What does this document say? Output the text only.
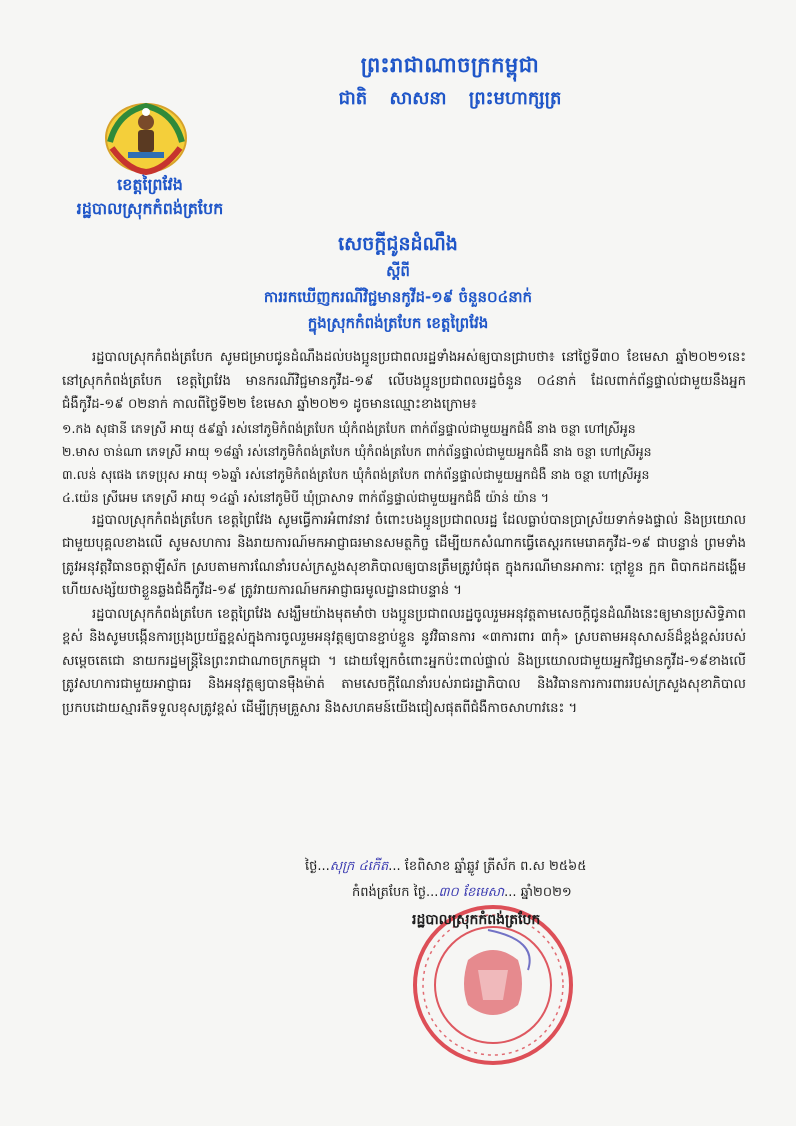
ព្រះរាជាណាចក្រកម្ពុជា
ជាតិ សាសនា ព្រះមហាក្សត្រ
ខេត្តព្រៃវែង
រដ្ឋបាលស្រុកកំពង់ត្របែក
សេចក្តីជូនដំណឹង
ស្តីពី
ការរកឃើញករណីវិជ្ជមានកូវីដ-១៩ ចំនួន០៤នាក់
ក្នុងស្រុកកំពង់ត្របែក ខេត្តព្រៃវែង

រដ្ឋបាលស្រុកកំពង់ត្របែក សូមជម្រាបជូនដំណឹងដល់បងប្អូនប្រជាពលរដ្ឋទាំងអស់ឲ្យបានជ្រាបថា៖ នៅថ្ងៃទី៣០ ខែមេសា ឆ្នាំ២០២១នេះ នៅស្រុកកំពង់ត្របែក ខេត្តព្រៃវែង មានករណីវិជ្ជមានកូវីដ-១៩ លើបងប្អូនប្រជាពលរដ្ឋចំនួន ០៤នាក់ ដែលពាក់ព័ន្ធផ្ទាល់ជាមួយនឹងអ្នកជំងឺកូវីដ-១៩ ០២នាក់ កាលពីថ្ងៃទី២២ ខែមេសា ឆ្នាំ២០២១ ដូចមានឈ្មោះខាងក្រោម៖

១.កង សុផានី ភេទស្រី អាយុ ៥៩ឆ្នាំ រស់នៅភូមិកំពង់ត្របែក ឃុំកំពង់ត្របែក ពាក់ព័ន្ធផ្ទាល់ជាមួយអ្នកជំងឺ នាង ចន្ថា ហៅស្រីអូន
២.មាស ចាន់ណា ភេទស្រី អាយុ ១៨ឆ្នាំ រស់នៅភូមិកំពង់ត្របែក ឃុំកំពង់ត្របែក ពាក់ព័ន្ធផ្ទាល់ជាមួយអ្នកជំងឺ នាង ចន្ថា ហៅស្រីអូន
៣.លន់ សុផេង ភេទប្រុស អាយុ ១៦ឆ្នាំ រស់នៅភូមិកំពង់ត្របែក ឃុំកំពង់ត្របែក ពាក់ព័ន្ធផ្ទាល់ជាមួយអ្នកជំងឺ នាង ចន្ថា ហៅស្រីអូន
៤.យ៉េន ស្រីអេម ភេទស្រី អាយុ ១៤ឆ្នាំ រស់នៅភូមិបី ឃុំប្រាសាទ ពាក់ព័ន្ធផ្ទាល់ជាមួយអ្នកជំងឺ យ៉ាន់ យ៉ាន ។

រដ្ឋបាលស្រុកកំពង់ត្របែក ខេត្តព្រៃវែង សូមធ្វើការអំពាវនាវ ចំពោះបងប្អូនប្រជាពលរដ្ឋ ដែលធ្លាប់បានប្រាស្រ័យទាក់ទងផ្ទាល់ និងប្រយោល ជាមួយបុគ្គលខាងលើ សូមសហការ និងរាយការណ៍មកអាជ្ញាធរមានសមត្ថកិច្ច ដើម្បីយកសំណាកធ្វើតេស្តរកមេរោគកូវីដ-១៩ ជាបន្ទាន់ ព្រមទាំងត្រូវអនុវត្តវិធានចត្តាឡីស័ក ស្របតាមការណែនាំរបស់ក្រសួងសុខាភិបាលឲ្យបានត្រឹមត្រូវបំផុត ក្នុងករណីមានអាការៈ ក្តៅខ្លួន ក្អក ពិបាកដកដង្ហើម ហើយសង្ស័យថាខ្លួនឆ្លងជំងឺកូវីដ-១៩ ត្រូវរាយការណ៍មកអាជ្ញាធរមូលដ្ឋានជាបន្ទាន់ ។

រដ្ឋបាលស្រុកកំពង់ត្របែក ខេត្តព្រៃវែង សង្ឃឹមយ៉ាងមុតមាំថា បងប្អូនប្រជាពលរដ្ឋចូលរួមអនុវត្តតាមសេចក្តីជូនដំណឹងនេះឲ្យមានប្រសិទ្ធិភាពខ្ពស់ និងសូមបង្កើនការប្រុងប្រយ័ត្នខ្ពស់ក្នុងការចូលរួមអនុវត្តឲ្យបានខ្ជាប់ខ្ជួន នូវវិធានការ «៣ការពារ ៣កុំ» ស្របតាមអនុសាសន៍ដ៏ខ្ពង់ខ្ពស់របស់សម្តេចតេជោ នាយករដ្ឋមន្ត្រីនៃព្រះរាជាណាចក្រកម្ពុជា ។ ដោយឡែកចំពោះអ្នកប៉ះពាល់ផ្ទាល់ និងប្រយោលជាមួយអ្នកវិជ្ជមានកូវីដ-១៩ខាងលើ ត្រូវសហការជាមួយអាជ្ញាធរ និងអនុវត្តឲ្យបានម៉ឺងម៉ាត់ តាមសេចក្តីណែនាំរបស់រាជរដ្ឋាភិបាល និងវិធានការការពាររបស់ក្រសួងសុខាភិបាល ប្រកបដោយស្មារតីទទួលខុសត្រូវខ្ពស់ ដើម្បីក្រុមគ្រួសារ និងសហគមន៍យើងជៀសផុតពីជំងឺកាចសាហាវនេះ ។

ថ្ងៃ...សុក្រ ៤កើត... ខែពិសាខ ឆ្នាំឆ្លូវ ត្រីស័ក ព.ស ២៥៦៥
កំពង់ត្របែក ថ្ងៃ...៣០ ខែមេសា... ឆ្នាំ២០២១
រដ្ឋបាលស្រុកកំពង់ត្របែក
